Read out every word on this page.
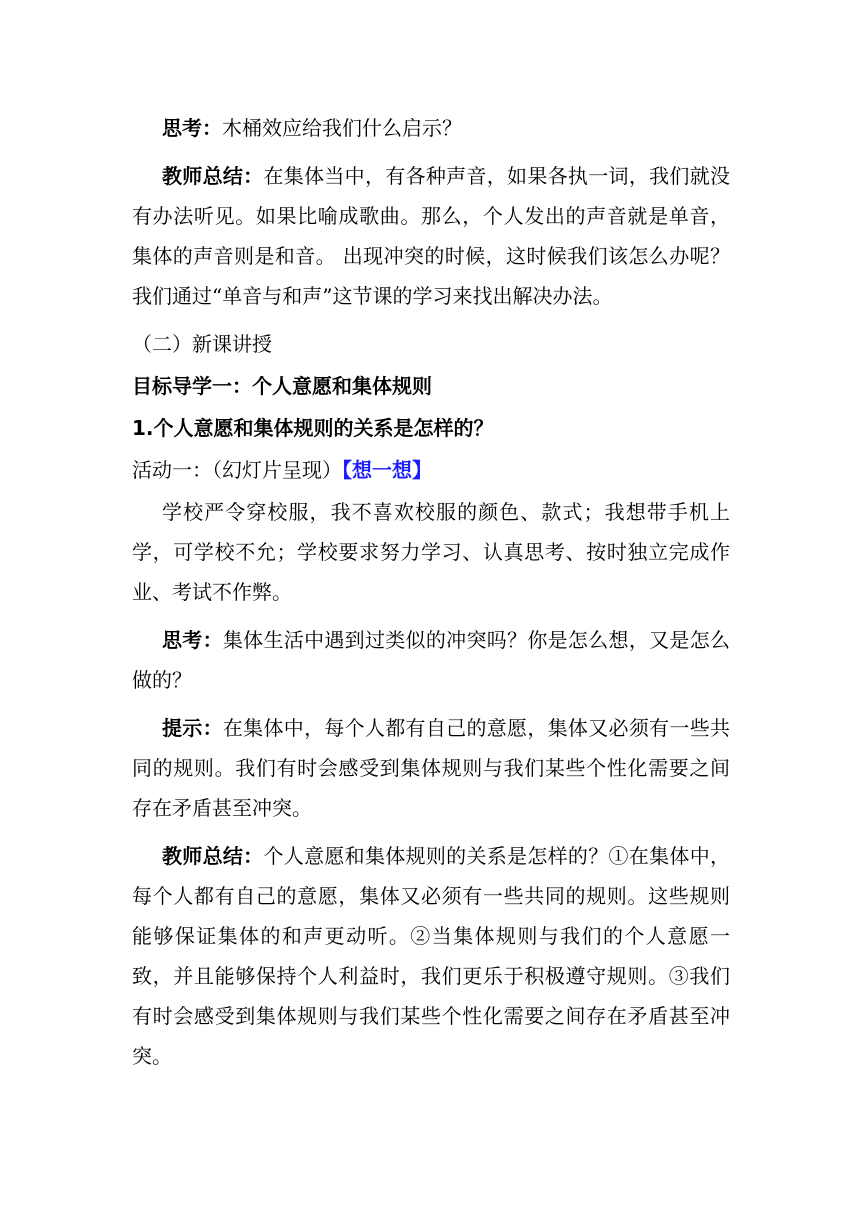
思考：木桶效应给我们什么启示？

教师总结：在集体当中，有各种声音，如果各执一词，我们就没有办法听见。如果比喻成歌曲。那么，个人发出的声音就是单音，集体的声音则是和音。 出现冲突的时候，这时候我们该怎么办呢？我们通过“单音与和声”这节课的学习来找出解决办法。

（二）新课讲授

目标导学一：个人意愿和集体规则

1.个人意愿和集体规则的关系是怎样的？

活动一：（幻灯片呈现）【想一想】

学校严令穿校服，我不喜欢校服的颜色、款式；我想带手机上学，可学校不允；学校要求努力学习、认真思考、按时独立完成作业、考试不作弊。

思考：集体生活中遇到过类似的冲突吗？你是怎么想，又是怎么做的？

提示：在集体中，每个人都有自己的意愿，集体又必须有一些共同的规则。我们有时会感受到集体规则与我们某些个性化需要之间存在矛盾甚至冲突。

教师总结：个人意愿和集体规则的关系是怎样的？①在集体中，每个人都有自己的意愿，集体又必须有一些共同的规则。这些规则能够保证集体的和声更动听。②当集体规则与我们的个人意愿一致，并且能够保持个人利益时，我们更乐于积极遵守规则。③我们有时会感受到集体规则与我们某些个性化需要之间存在矛盾甚至冲突。
